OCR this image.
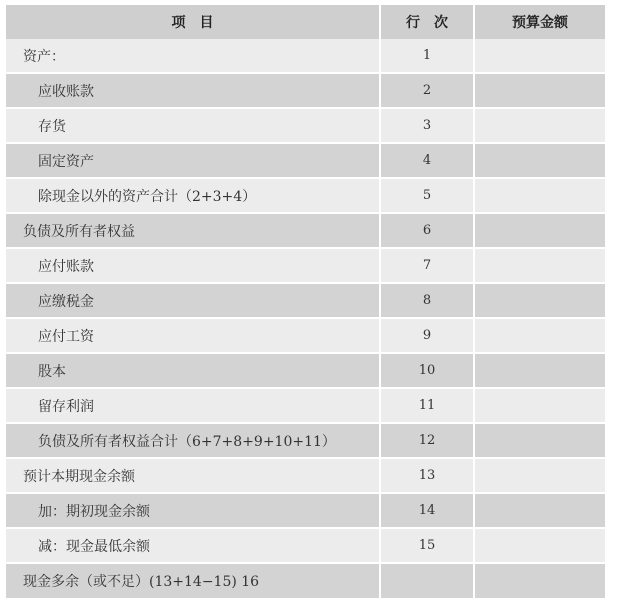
项　目	行　次	预算金额
资产：	1	
应收账款	2	
存货	3	
固定资产	4	
除现金以外的资产合计（2+3+4）	5	
负债及所有者权益	6	
应付账款	7	
应缴税金	8	
应付工资	9	
股本	10	
留存利润	11	
负债及所有者权益合计（6+7+8+9+10+11）	12	
预计本期现金余额	13	
加：期初现金余额	14	
减：现金最低余额	15	
现金多余（或不足）(13+14−15) 16		
